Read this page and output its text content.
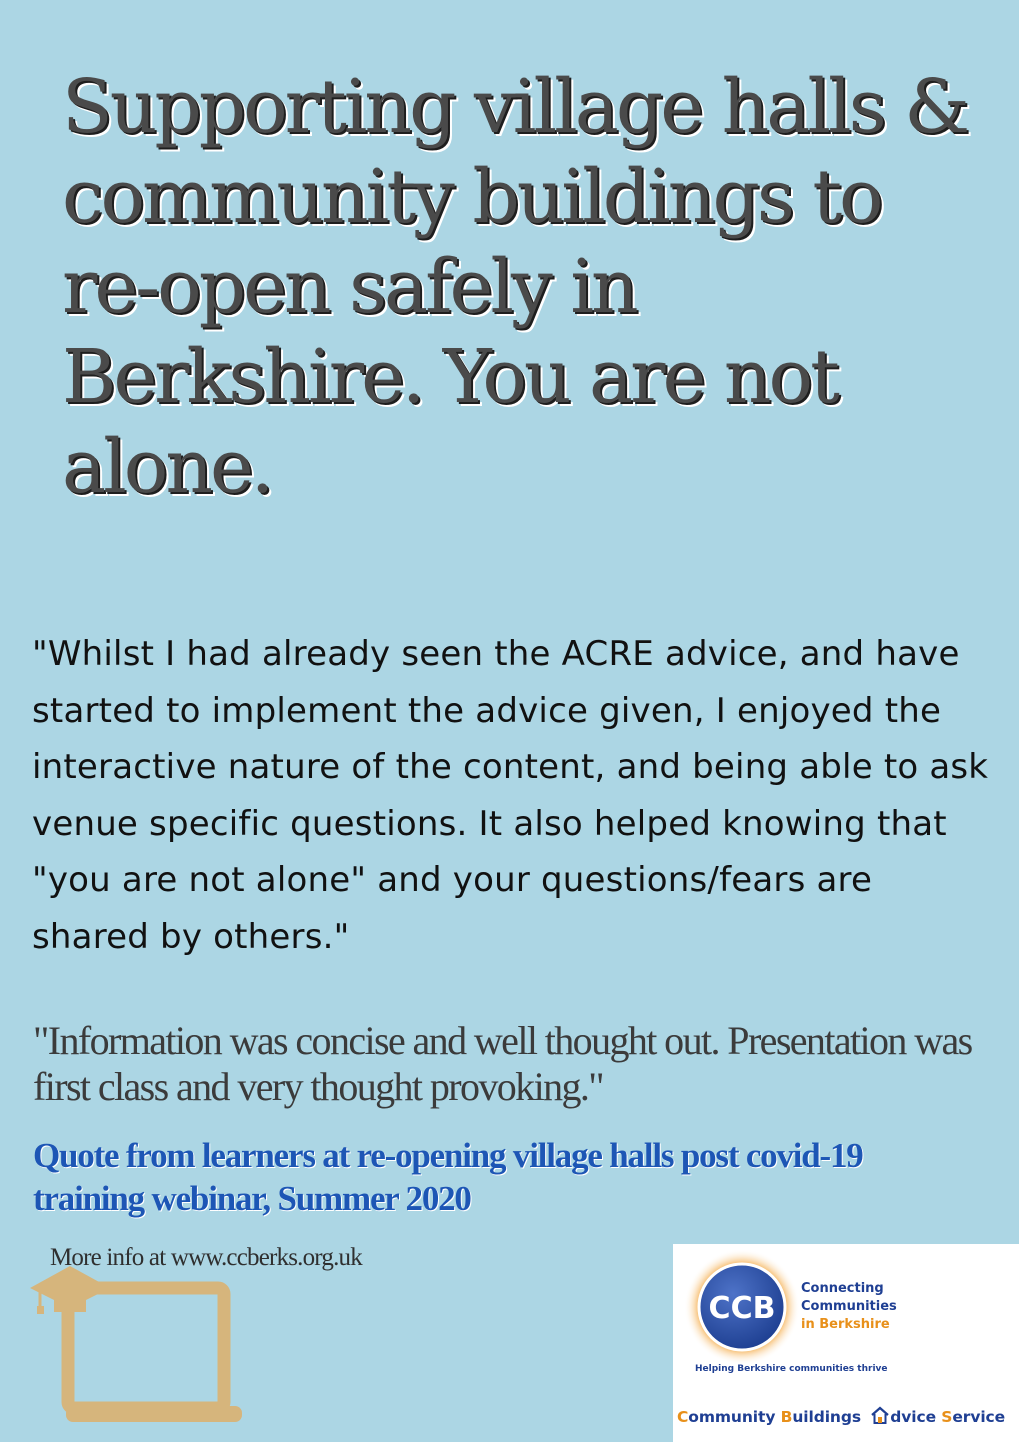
Supporting village halls & community buildings to re-open safely in Berkshire. You are not alone.

"Whilst I had already seen the ACRE advice, and have started to implement the advice given, I enjoyed the interactive nature of the content, and being able to ask venue specific questions. It also helped knowing that "you are not alone" and your questions/fears are shared by others."

"Information was concise and well thought out. Presentation was first class and very thought provoking."

Quote from learners at re-opening village halls post covid-19 training webinar, Summer 2020

More info at www.ccberks.org.uk

CCB

Connecting
Communities
in Berkshire

Helping Berkshire communities thrive

Community Buildings dvice Service
